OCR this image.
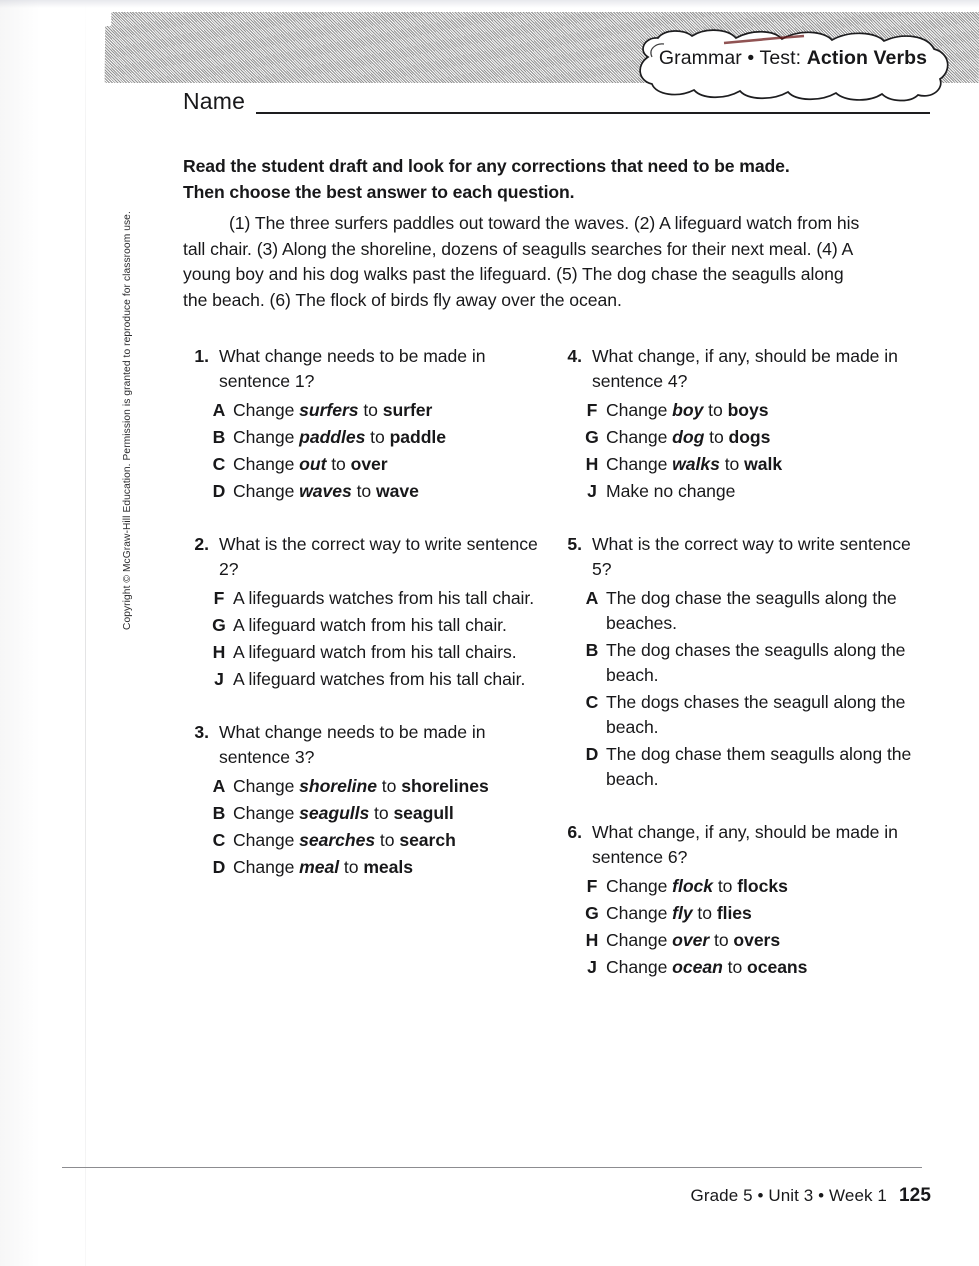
Grammar • Test: Action Verbs
Name
Read the student draft and look for any corrections that need to be made. Then choose the best answer to each question.
(1) The three surfers paddles out toward the waves. (2) A lifeguard watch from his tall chair. (3) Along the shoreline, dozens of seagulls searches for their next meal. (4) A young boy and his dog walks past the lifeguard. (5) The dog chase the seagulls along the beach. (6) The flock of birds fly away over the ocean.
Copyright © McGraw-Hill Education. Permission is granted to reproduce for classroom use.	1. What change needs to be made in sentence 1?
A Change surfers to surfer
B Change paddles to paddle
C Change out to over
D Change waves to wave
2. What is the correct way to write sentence 2?
F A lifeguards watches from his tall chair.
G A lifeguard watch from his tall chair.
H A lifeguard watch from his tall chairs.
J A lifeguard watches from his tall chair.
3. What change needs to be made in sentence 3?
A Change shoreline to shorelines
B Change seagulls to seagull
C Change searches to search
D Change meal to meals
4. What change, if any, should be made in sentence 4?
F Change boy to boys
G Change dog to dogs
H Change walks to walk
J Make no change
5. What is the correct way to write sentence 5?
A The dog chase the seagulls along the beaches.
B The dog chases the seagulls along the beach.
C The dogs chases the seagull along the beach.
D The dog chase them seagulls along the beach.
6. What change, if any, should be made in sentence 6?
F Change flock to flocks
G Change fly to flies
H Change over to overs
J Change ocean to oceans
Grade 5 • Unit 3 • Week 1 125
